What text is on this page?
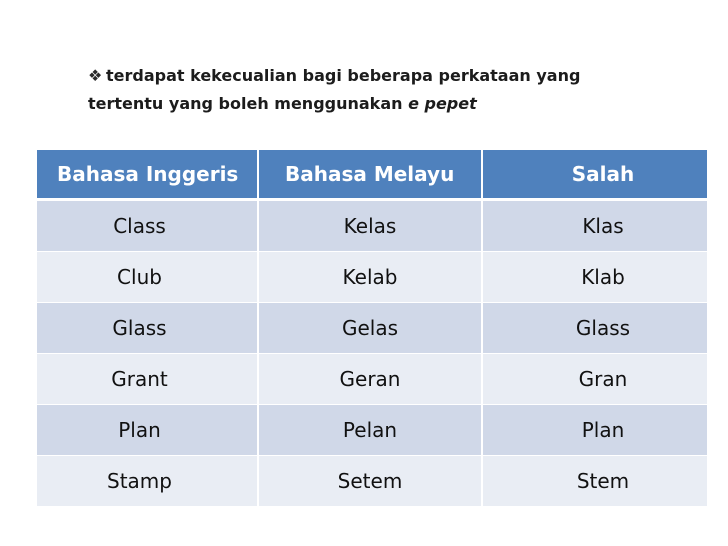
❖ terdapat kekecualian bagi beberapa perkataan yang
tertentu yang boleh menggunakan e pepet
Bahasa Inggeris	Bahasa Melayu	Salah
Class	Kelas	Klas
Club	Kelab	Klab
Glass	Gelas	Glass
Grant	Geran	Gran
Plan	Pelan	Plan
Stamp	Setem	Stem
